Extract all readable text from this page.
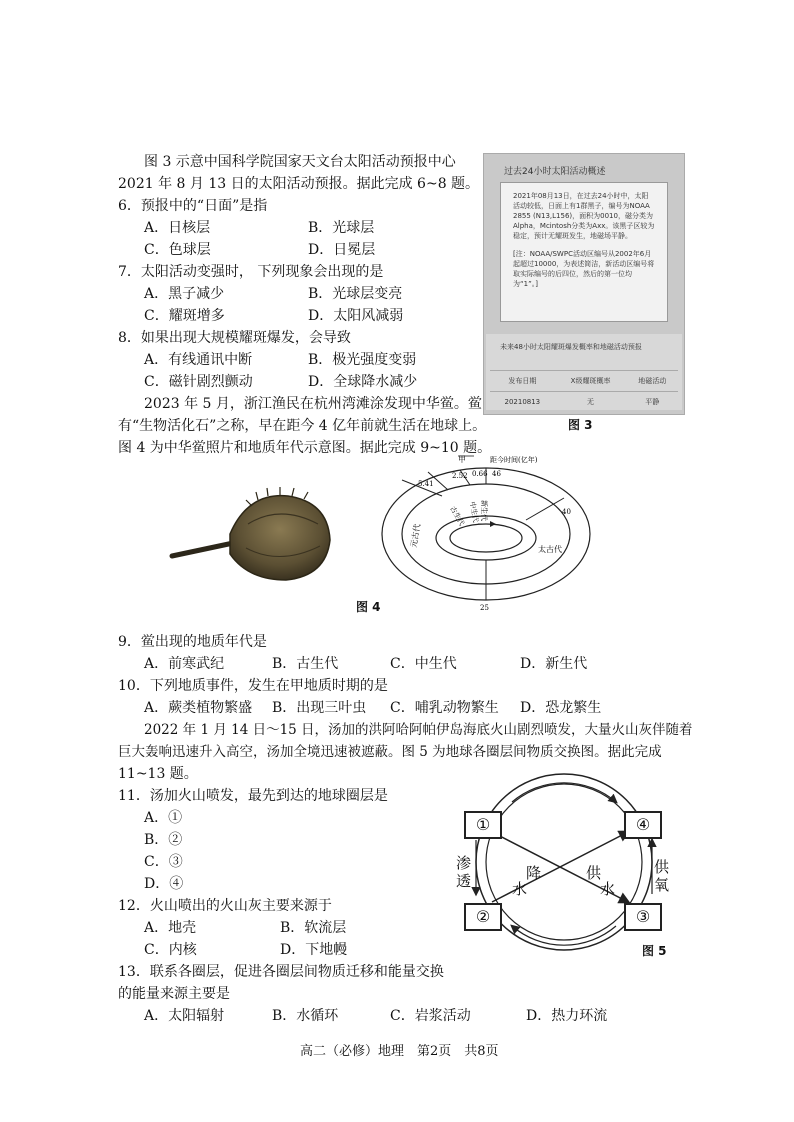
图 3 示意中国科学院国家天文台太阳活动预报中心
2021 年 8 月 13 日的太阳活动预报。据此完成 6~8 题。
6．预报中的“日面”是指
A．日核层	B．光球层
C．色球层	D．日冕层
7．太阳活动变强时， 下列现象会出现的是
A．黑子减少	B．光球层变亮
C．耀斑增多	D．太阳风减弱
8．如果出现大规模耀斑爆发，会导致
A．有线通讯中断	B．极光强度变弱
C．磁针剧烈颤动	D．全球降水减少
2023 年 5 月，浙江渔民在杭州湾滩涂发现中华鲎。鲎
有“生物活化石”之称，早在距今 4 亿年前就生活在地球上。
图 4 为中华鲎照片和地质年代示意图。据此完成 9~10 题。
过去24小时太阳活动概述
2021年08月13日，在过去24小时中，太阳活动较低，日面上有1群黑子，编号为NOAA 2855 (N13,L156)，面积为0010，磁分类为Alpha，Mcintosh分类为Axx。该黑子区较为稳定，预计无耀斑发生，地磁场平静。
[注：NOAA/SWPC活动区编号从2002年6月起超过10000，为表述简洁，新活动区编号将取实际编号的后四位，然后的第一位均为“1”。]
未来48小时太阳耀斑爆发概率和地磁活动预报
发布日期	X级耀斑概率	地磁活动
20210813	无	平静
图 3
甲	距今时间(亿年)
5.41
2.52 0.66 46
40
25
古生代 中生代 新生代
太古代
元古代
图 4
9．鲎出现的地质年代是
A．前寒武纪	B．古生代	C．中生代	D．新生代
10．下列地质事件，发生在甲地质时期的是
A．蕨类植物繁盛 B．出现三叶虫 C．哺乳动物繁生 D．恐龙繁生
2022 年 1 月 14 日～15 日，汤加的洪阿哈阿帕伊岛海底火山剧烈喷发，大量火山灰伴随着
巨大轰响迅速升入高空，汤加全境迅速被遮蔽。图 5 为地球各圈层间物质交换图。据此完成
11~13 题。
11．汤加火山喷发，最先到达的地球圈层是
A．①
B．②
C．③
D．④
12．火山喷出的火山灰主要来源于
A．地壳	B．软流层
C．内核	D．下地幔
13．联系各圈层，促进各圈层间物质迁移和能量交换
的能量来源主要是
A．太阳辐射	B．水循环	C．岩浆活动	D．热力环流
①	④
②	③
渗
透	降
水
供
水
供
氧
图 5
高二（必修）地理　第2页　共8页
